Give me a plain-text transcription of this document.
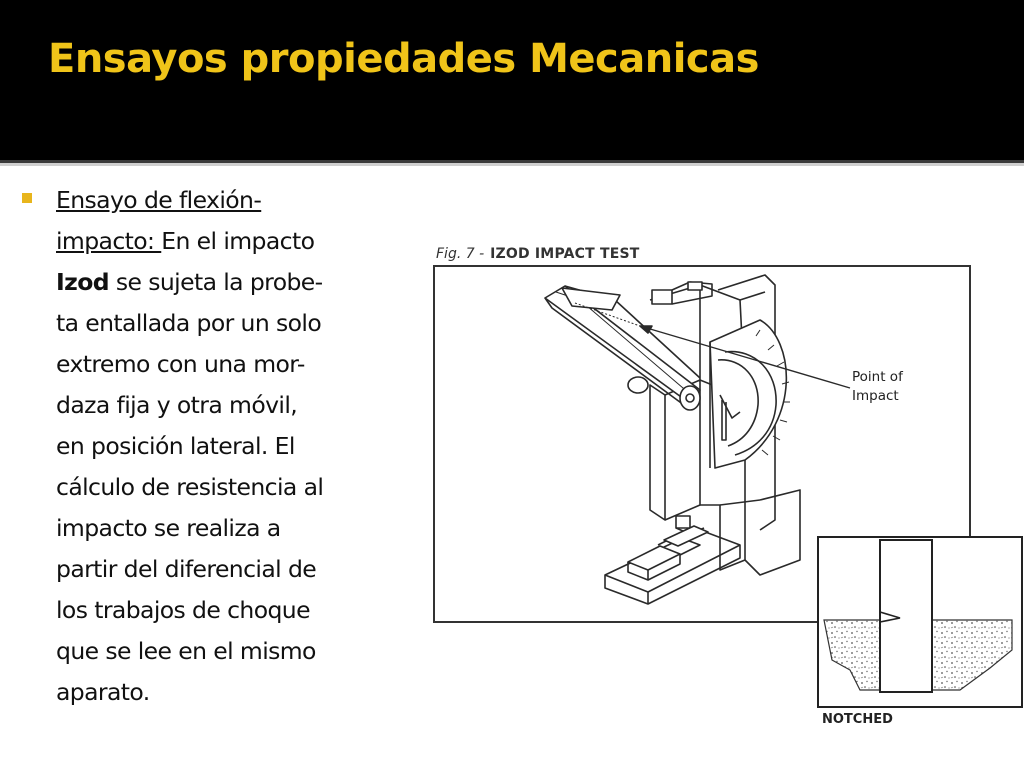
Ensayos propiedades Mecanicas
Ensayo de flexión-
impacto: En el impacto
Izod se sujeta la probe-
ta entallada por un solo
extremo con una mor-
daza fija y otra móvil,
en posición lateral. El
cálculo de resistencia al
impacto se realiza a
partir del diferencial de
los trabajos de choque
que se lee en el mismo
aparato.
Fig. 7 - IZOD IMPACT TEST
Point of
Impact
NOTCHED
